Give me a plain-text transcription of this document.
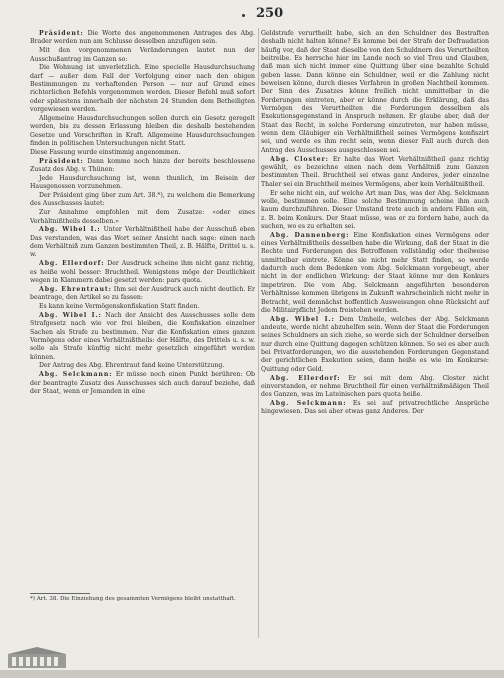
250

Präsident: Die Worte des angenommenen Antrages des Abg. Brader werden nun am Schlusse desselben anzufügen sein.

Mit den vorgenommenen Veränderungen lautet nun der Ausschußantrag im Ganzen so:

Die Wohnung ist unverletzlich. Eine specielle Hausdurchsuchung darf — außer dem Fall der Verfolgung einer nach den obigen Bestimmungen zu verhaftenden Person — nur auf Grund eines richterlichen Befehls vorgenommen werden. Dieser Befehl muß sofort oder spätestens innerhalb der nächsten 24 Stunden dem Betheiligten vorgewiesen werden.

Allgemeine Hausdurchsuchungen sollen durch ein Gesetz geregelt werden, bis zu dessen Erlassung bleiben die deshalb bestehenden Gesetze und Vorschriften in Kraft. Allgemeine Hausdurchsuchungen finden in politischen Untersuchungen nicht Statt.

Diese Fassung wurde einstimmig angenommen.

Präsident: Dann komme noch hinzu der bereits beschlossene Zusatz des Abg. v. Thünen:

Jede Hausdurchsuchung ist, wenn thunlich, im Beisein der Hausgenossen vorzunehmen.

Der Präsident ging über zum Art. 38.*), zu welchem die Bemerkung des Ausschusses lautet:

Zur Annahme empfohlen mit dem Zusatze: «oder eines Verhältnißtheils desselben.»

Abg. Wibel I.: Unter Verhältnißtheil habe der Ausschuß eben Das verstanden, was das Wort seiner Ansicht nach sage: einen nach dem Verhältniß zum Ganzen bestimmten Theil, z. B. Hälfte, Drittel u. s. w.

Abg. Ellerdorf: Der Ausdruck scheine ihm nicht ganz richtig, es heiße wohl besser: Bruchtheil. Wenigstens möge der Deutlichkeit wegen in Klammern dabei gesetzt werden: pars quota.

Abg. Ehrentraut: Ihm sei der Ausdruck auch nicht deutlich. Er beantrage, den Artikel so zu fassen:

Es kann keine Vermögenskonfiskation Statt finden.

Abg. Wibel I.: Nach der Ansicht des Ausschusses solle dem Strafgesetz nach wie vor frei bleiben, die Konfiskation einzelner Sachen als Strafe zu bestimmen. Nur die Konfiskation eines ganzen Vermögens oder eines Verhältnißtheils: der Hälfte, des Drittels u. s. w. solle als Strafe künftig nicht mehr gesetzlich eingeführt werden können.

Der Antrag des Abg. Ehrentraut fand keine Unterstützung.

Abg. Selckmann: Er müsse noch einen Punkt berühren: Ob der beantragte Zusatz des Ausschusses sich auch darauf beziehe, daß der Staat, wenn er Jemanden in eine

Geldstrafe verurtheilt habe, sich an den Schuldner des Bestraften deshalb nicht halten könne? Es komme bei der Strafe der Defraudation häufig vor, daß der Staat dieselbe von den Schuldnern des Verurtheilten beitreibe. Es herrsche hier im Lande noch so viel Treu und Glauben, daß man sich nicht immer eine Quittung über eine bezahlte Schuld geben lasse. Dann könne ein Schuldner, weil er die Zahlung nicht beweisen könne, durch dieses Verfahren in großen Nachtheil kommen. Der Sinn des Zusatzes könne freilich nicht unmittelbar in die Forderungen eintreten, aber er könne durch die Erklärung, daß das Vermögen des Verurtheilten die Forderungen desselben als Exekutionsgegenstand in Anspruch nehmen. Er glaube aber, daß der Staat das Recht, in solche Forderung einzutreten, nur haben müsse, wenn dem Gläubiger ein Verhältnißtheil seines Vermögens konfiszirt sei, und werde es ihm recht sein, wenn dieser Fall auch durch den Antrag des Ausschusses ausgeschlossen sei.

Abg. Closter: Er halte das Wort Verhältnißtheil ganz richtig gewählt, es bezeichne einen nach dem Verhältniß zum Ganzen bestimmten Theil. Bruchtheil sei etwas ganz Anderes, jeder einzelne Thaler sei ein Bruchtheil meines Vermögens, aber kein Verhältnißtheil.

Er sehe nicht ein, auf welche Art man Das, was der Abg. Selckmann wolle, bestimmen solle. Eine solche Bestimmung scheine ihm auch kaum durchzuführen. Dieser Umstand trete auch in andern Fällen ein, z. B. beim Konkurs. Der Staat müsse, was er zu fordern habe, auch da suchen, wo es zu erhalten sei.

Abg. Dannenberg: Eine Konfiskation eines Vermögens oder eines Verhältnißtheils desselben habe die Wirkung, daß der Staat in die Rechte und Forderungen des Betroffenen vollständig oder theilweise unmittelbar eintrete. Könne sie nicht mehr Statt finden, so werde dadurch auch dem Bedenken vom Abg. Selckmann vorgebeugt, aber nicht in der endlichen Wirkung: der Staat könne nur den Konkurs impetriren. Die vom Abg. Selckmann angeführten besonderen Verhältnisse kommen übrigens in Zukunft wahrscheinlich nicht mehr in Betracht, weil demnächst hoffentlich Ausweisungen ohne Rücksicht auf die Militairpflicht Jedem freistehen werden.

Abg. Wibel I.: Dem Umheile, welches der Abg. Selckmann andeute, werde nicht abzuhelfen sein. Wenn der Staat die Forderungen seines Schuldners an sich ziehe, so werde sich der Schuldner derselben nur durch eine Quittung dagegen schützen können. So sei es aber auch bei Privatforderungen, wo die ausstehenden Forderungen Gegenstand der gerichtlichen Exekution seien, dann heiße es wie im Konkurse: Quittung oder Geld.

Abg. Ellerdorf: Er sei mit dem Abg. Closter nicht einverstanden, er nehme Bruchtheil für einen verhältnißmäßigen Theil des Ganzen, was im Lateinischen pars quota heiße.

Abg. Selckmann: Es sei auf privatrechtliche Ansprüche hingewiesen. Das sei aber etwas ganz Anderes. Der

*) Art. 38. Die Einziehung des gesammten Vermögens bleibt unstatthaft.
